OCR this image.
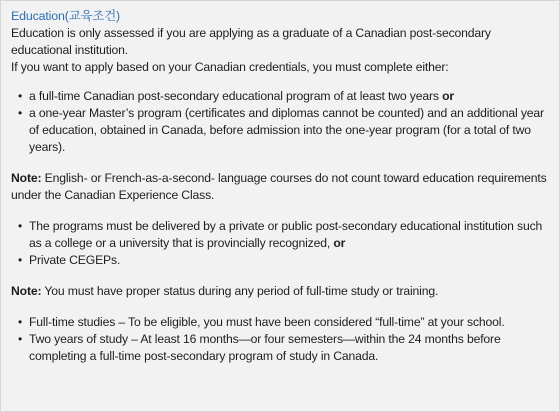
Education(교육조건)

Education is only assessed if you are applying as a graduate of a Canadian post-secondary educational institution.

If you want to apply based on your Canadian credentials, you must complete either:

• a full-time Canadian post-secondary educational program of at least two years or
• a one-year Master’s program (certificates and diplomas cannot be counted) and an additional year of education, obtained in Canada, before admission into the one-year program (for a total of two years).

Note: English- or French-as-a-second- language courses do not count toward education requirements under the Canadian Experience Class.

• The programs must be delivered by a private or public post-secondary educational institution such as a college or a university that is provincially recognized, or
• Private CEGEPs.

Note: You must have proper status during any period of full-time study or training.

• Full-time studies – To be eligible, you must have been considered “full-time” at your school.
• Two years of study – At least 16 months—or four semesters—within the 24 months before completing a full-time post-secondary program of study in Canada.
